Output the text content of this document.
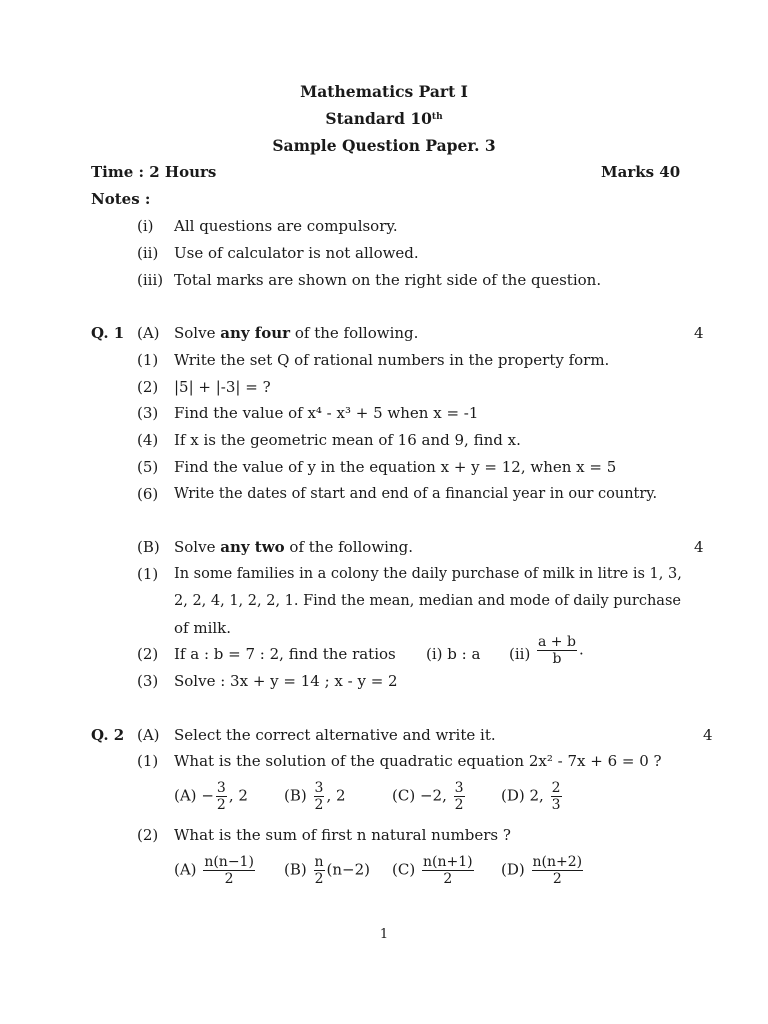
Mathematics Part I
Standard 10th
Sample Question Paper. 3
Time : 2 Hours	Marks 40
Notes :
(i) All questions are compulsory.
(ii) Use of calculator is not allowed.
(iii) Total marks are shown on the right side of the question.
Q. 1 (A) Solve any four of the following.	4
(1) Write the set Q of rational numbers in the property form.
(2) |5| + |-3| = ?
(3) Find the value of x⁴ - x³ + 5 when x = -1
(4) If x is the geometric mean of 16 and 9, find x.
(5) Find the value of y in the equation x + y = 12, when x = 5
(6) Write the dates of start and end of a financial year in our country.
(B) Solve any two of the following.	4
(1) In some families in a colony the daily purchase of milk in litre is 1, 3,
2, 2, 4, 1, 2, 2, 1. Find the mean, median and mode of daily purchase
of milk.
(2) If a : b = 7 : 2, find the ratios (i) b : a $(ii) \frac{a + b}{b}$ .
(3) Solve : 3x + y = 14 ; x - y = 2
Q. 2 (A) Select the correct alternative and write it.	4
(1) What is the solution of the quadratic equation 2x² - 7x + 6 = 0 ?
$(A) - \frac{3}{2}$ , 2 $(B) \frac{3}{2}$ , 2	(C) −2, $\frac{3}{2} (D)$ 2, $\frac{2}{3}$
(2) What is the sum of first n natural numbers ?
$(A) \frac{n(n-1)}{2} (B) \frac{n}{2} (n-2)$ $(C) \frac{n(n+1)}{2} (D) \frac{n(n+2)}{2}$
1
